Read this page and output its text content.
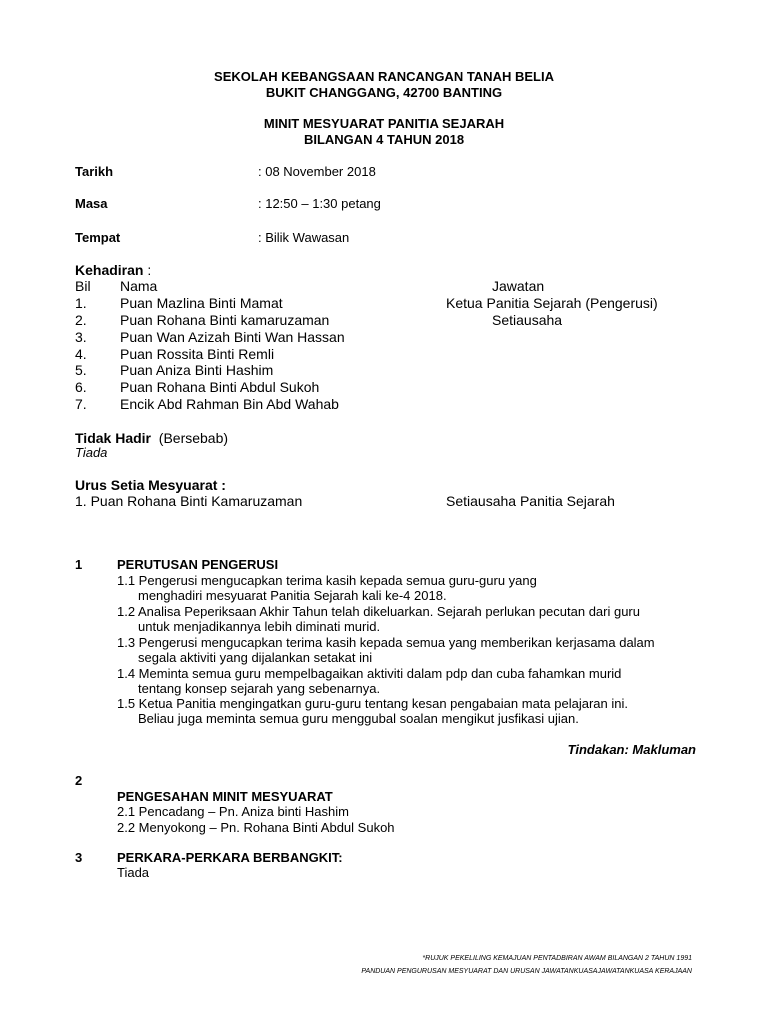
SEKOLAH KEBANGSAAN RANCANGAN TANAH BELIA
BUKIT CHANGGANG, 42700 BANTING
MINIT MESYUARAT PANITIA SEJARAH
BILANGAN 4 TAHUN 2018
Tarikh	: 08 November 2018
Masa	: 12:50 – 1:30 petang
Tempat	: Bilik Wawasan
Kehadiran :
Bil Nama	Jawatan
1. Puan Mazlina Binti Mamat	Ketua Panitia Sejarah (Pengerusi)
2. Puan Rohana Binti kamaruzaman	Setiausaha
3. Puan Wan Azizah Binti Wan Hassan
4. Puan Rossita Binti Remli
5. Puan Aniza Binti Hashim
6. Puan Rohana Binti Abdul Sukoh
7. Encik Abd Rahman Bin Abd Wahab
Tidak Hadir (Bersebab)
Tiada
Urus Setia Mesyuarat :
1. Puan Rohana Binti Kamaruzaman	Setiausaha Panitia Sejarah
1	PERUTUSAN PENGERUSI
1.1 Pengerusi mengucapkan terima kasih kepada semua guru-guru yang
menghadiri mesyuarat Panitia Sejarah kali ke-4 2018.
1.2 Analisa Peperiksaan Akhir Tahun telah dikeluarkan. Sejarah perlukan pecutan dari guru
untuk menjadikannya lebih diminati murid.
1.3 Pengerusi mengucapkan terima kasih kepada semua yang memberikan kerjasama dalam
segala aktiviti yang dijalankan setakat ini
1.4 Meminta semua guru mempelbagaikan aktiviti dalam pdp dan cuba fahamkan murid
tentang konsep sejarah yang sebenarnya.
1.5 Ketua Panitia mengingatkan guru-guru tentang kesan pengabaian mata pelajaran ini.
Beliau juga meminta semua guru menggubal soalan mengikut jusfikasi ujian.
Tindakan: Makluman
2
PENGESAHAN MINIT MESYUARAT
2.1 Pencadang – Pn. Aniza binti Hashim
2.2 Menyokong – Pn. Rohana Binti Abdul Sukoh
3	PERKARA-PERKARA BERBANGKIT:
Tiada
*RUJUK PEKELILING KEMAJUAN PENTADBIRAN AWAM BILANGAN 2 TAHUN 1991
PANDUAN PENGURUSAN MESYUARAT DAN URUSAN JAWATANKUASAJAWATANKUASA KERAJAAN
